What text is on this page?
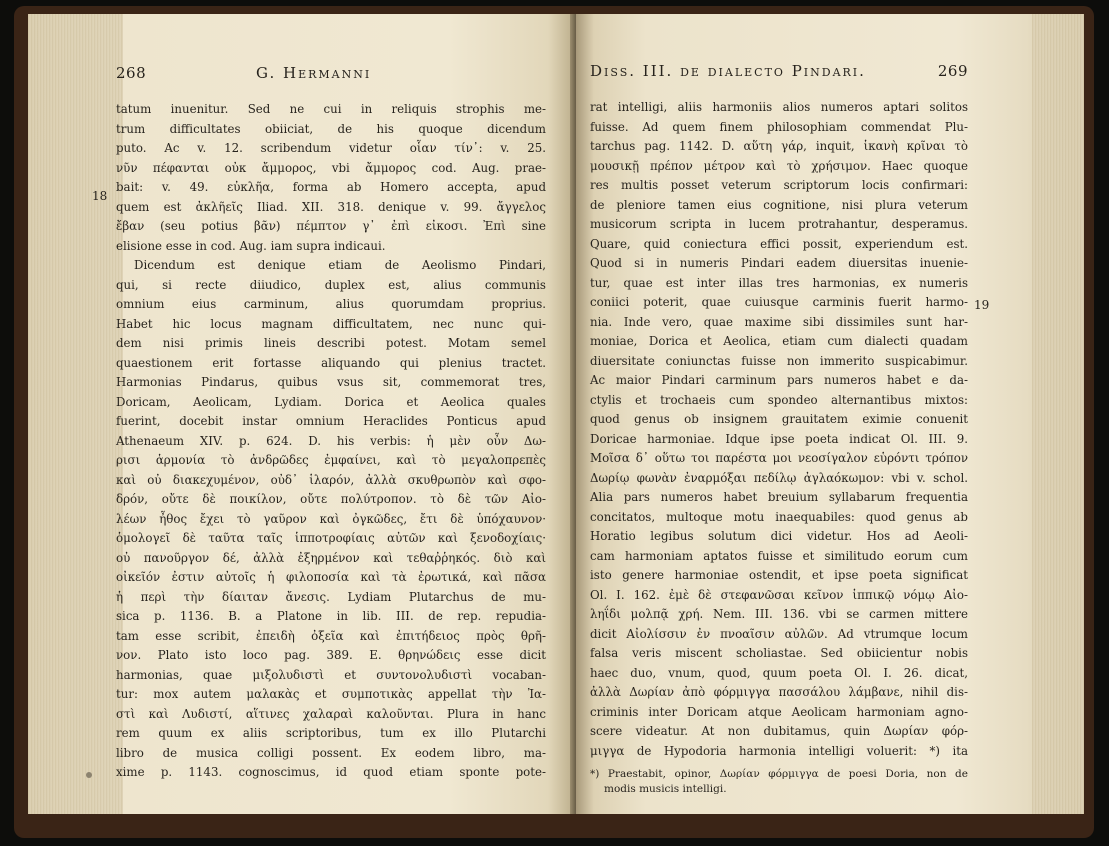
268	G. Hermanni
tatum inuenitur. Sed ne cui in reliquis strophis me-
trum difficultates obiiciat, de his quoque dicendum
puto. Ac v. 12. scribendum videtur οἷαν τίν᾽: v. 25.
νῦν πέφανται οὐκ ἄμμορος, vbi ἄμμορος cod. Aug. prae-
bait: v. 49. εὐκλῆα, forma ab Homero accepta, apud
quem est ἀκλῆεῖς Iliad. XII. 318. denique v. 99. ἄγγελος
ἔβαν (seu potius βᾶν) πέμπτον γ᾽ ἐπὶ εἰκοσι. Ἐπὶ sine
elisione esse in cod. Aug. iam supra indicaui.
Dicendum est denique etiam de Aeolismo Pindari,
qui, si recte diiudico, duplex est, alius communis
omnium eius carminum, alius quorumdam proprius.
Habet hic locus magnam difficultatem, nec nunc qui-
dem nisi primis lineis describi potest. Motam semel
quaestionem erit fortasse aliquando qui plenius tractet.
Harmonias Pindarus, quibus vsus sit, commemorat tres,
Doricam, Aeolicam, Lydiam. Dorica et Aeolica quales
fuerint, docebit instar omnium Heraclides Ponticus apud
Athenaeum XIV. p. 624. D. his verbis: ἡ μὲν οὖν Δω-
ρισι ἁρμονία τὸ ἀνδρῶδες ἐμφαίνει, καὶ τὸ μεγαλοπρεπὲς
καὶ οὐ διακεχυμένον, οὐδ᾽ ἱλαρόν, ἀλλὰ σκυθρωπὸν καὶ σφο-
δρόν, οὔτε δὲ ποικίλον, οὔτε πολύτροπον. τὸ δὲ τῶν Αἰο-
λέων ἦθος ἔχει τὸ γαῦρον καὶ ὀγκῶδες, ἔτι δὲ ὑπόχαυνον·
ὁμολογεῖ δὲ ταῦτα ταῖς ἱπποτροφίαις αὐτῶν καὶ ξενοδοχίαις·
οὐ πανοῦργον δέ, ἀλλὰ ἐξηρμένον καὶ τεθαῤῥηκός. διὸ καὶ
οἰκεῖόν ἐστιν αὐτοῖς ἡ φιλοποσία καὶ τὰ ἐρωτικά, καὶ πᾶσα
ἡ περὶ τὴν δίαιταν ἄνεσις. Lydiam Plutarchus de mu-
sica p. 1136. B. a Platone in lib. III. de rep. repudia-
tam esse scribit, ἐπειδὴ ὀξεῖα καὶ ἐπιτήδειος πρὸς θρῆ-
νον. Plato isto loco pag. 389. E. θρηνώδεις esse dicit
harmonias, quae μιξολυδιστὶ et συντονολυδιστὶ vocaban-
tur: mox autem μαλακὰς et συμποτικὰς appellat τὴν Ἰα-
στὶ καὶ Λυδιστί, αἵτινες χαλαραὶ καλοῦνται. Plura in hanc
rem quum ex aliis scriptoribus, tum ex illo Plutarchi
libro de musica colligi possent. Ex eodem libro, ma-
xime p. 1143. cognoscimus, id quod etiam sponte pote-
18
Diss. III. de dialecto Pindari.	269
rat intelligi, aliis harmoniis alios numeros aptari solitos
fuisse. Ad quem finem philosophiam commendat Plu-
tarchus pag. 1142. D. αὕτη γάρ, inquit, ἱκανὴ κρῖναι τὸ
μουσικῇ πρέπον μέτρον καὶ τὸ χρήσιμον. Haec quoque
res multis posset veterum scriptorum locis confirmari:
de pleniore tamen eius cognitione, nisi plura veterum
musicorum scripta in lucem protrahantur, desperamus.
Quare, quid coniectura effici possit, experiendum est.
Quod si in numeris Pindari eadem diuersitas inuenie-
tur, quae est inter illas tres harmonias, ex numeris
coniici poterit, quae cuiusque carminis fuerit harmo-
nia. Inde vero, quae maxime sibi dissimiles sunt har-
moniae, Dorica et Aeolica, etiam cum dialecti quadam
diuersitate coniunctas fuisse non immerito suspicabimur.
Ac maior Pindari carminum pars numeros habet e da-
ctylis et trochaeis cum spondeo alternantibus mixtos:
quod genus ob insignem grauitatem eximie conuenit
Doricae harmoniae. Idque ipse poeta indicat Ol. III. 9.
Μοῖσα δ᾽ οὕτω τοι παρέστα μοι νεοσίγαλον εὑρόντι τρόπον
Δωρίῳ φωνὰν ἐναρμόξαι πεδίλῳ ἀγλαόκωμον: vbi v. schol.
Alia pars numeros habet breuium syllabarum frequentia
concitatos, multoque motu inaequabiles: quod genus ab
Horatio legibus solutum dici videtur. Hos ad Aeoli-
cam harmoniam aptatos fuisse et similitudo eorum cum
isto genere harmoniae ostendit, et ipse poeta significat
Ol. I. 162. ἐμὲ δὲ στεφανῶσαι κεῖνον ἱππικῷ νόμῳ Αἰο-
ληΐδι μολπᾷ χρή. Nem. III. 136. vbi se carmen mittere
dicit Αἰολίσσιν ἐν πνοαῖσιν αὐλῶν. Ad vtrumque locum
falsa veris miscent scholiastae. Sed obiicientur nobis
haec duo, vnum, quod, quum poeta Ol. I. 26. dicat,
ἀλλὰ Δωρίαν ἀπὸ φόρμιγγα πασσάλου λάμβανε, nihil dis-
criminis inter Doricam atque Aeolicam harmoniam agno-
scere videatur. At non dubitamus, quin Δωρίαν φόρ-
μιγγα de Hypodoria harmonia intelligi voluerit: *) ita
*) Praestabit, opinor, Δωρίαν φόρμιγγα de poesi Doria, non de
modis musicis intelligi.
19
